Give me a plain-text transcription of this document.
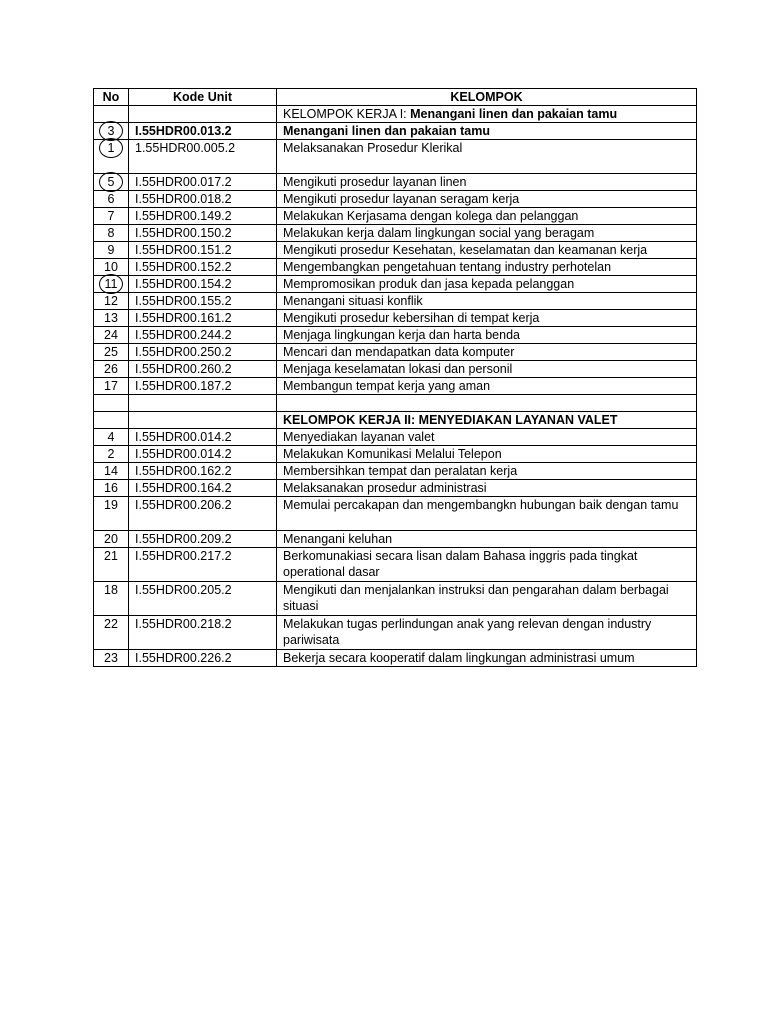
No	Kode Unit	KELOMPOK
		KELOMPOK KERJA I: Menangani linen dan pakaian tamu
3	I.55HDR00.013.2	Menangani linen dan pakaian tamu
1	1.55HDR00.005.2	Melaksanakan Prosedur Klerikal
5	I.55HDR00.017.2	Mengikuti prosedur layanan linen
6	I.55HDR00.018.2	Mengikuti prosedur layanan seragam kerja
7	I.55HDR00.149.2	Melakukan Kerjasama dengan kolega dan pelanggan
8	I.55HDR00.150.2	Melakukan kerja dalam lingkungan social yang beragam
9	I.55HDR00.151.2	Mengikuti prosedur Kesehatan, keselamatan dan keamanan kerja
10	I.55HDR00.152.2	Mengembangkan pengetahuan tentang industry perhotelan
11	I.55HDR00.154.2	Mempromosikan produk dan jasa kepada pelanggan
12	I.55HDR00.155.2	Menangani situasi konflik
13	I.55HDR00.161.2	Mengikuti prosedur kebersihan di tempat kerja
24	I.55HDR00.244.2	Menjaga lingkungan kerja dan harta benda
25	I.55HDR00.250.2	Mencari dan mendapatkan data komputer
26	I.55HDR00.260.2	Menjaga keselamatan lokasi dan personil
17	I.55HDR00.187.2	Membangun tempat kerja yang aman

		KELOMPOK KERJA II: MENYEDIAKAN LAYANAN VALET
4	I.55HDR00.014.2	Menyediakan layanan valet
2	I.55HDR00.014.2	Melakukan Komunikasi Melalui Telepon
14	I.55HDR00.162.2	Membersihkan tempat dan peralatan kerja
16	I.55HDR00.164.2	Melaksanakan prosedur administrasi
19	I.55HDR00.206.2	Memulai percakapan dan mengembangkn hubungan baik dengan tamu
20	I.55HDR00.209.2	Menangani keluhan
21	I.55HDR00.217.2	Berkomunakiasi secara lisan dalam Bahasa inggris pada tingkat operational dasar
18	I.55HDR00.205.2	Mengikuti dan menjalankan instruksi dan pengarahan dalam berbagai situasi
22	I.55HDR00.218.2	Melakukan tugas perlindungan anak yang relevan dengan industry pariwisata
23	I.55HDR00.226.2	Bekerja secara kooperatif dalam lingkungan administrasi umum
